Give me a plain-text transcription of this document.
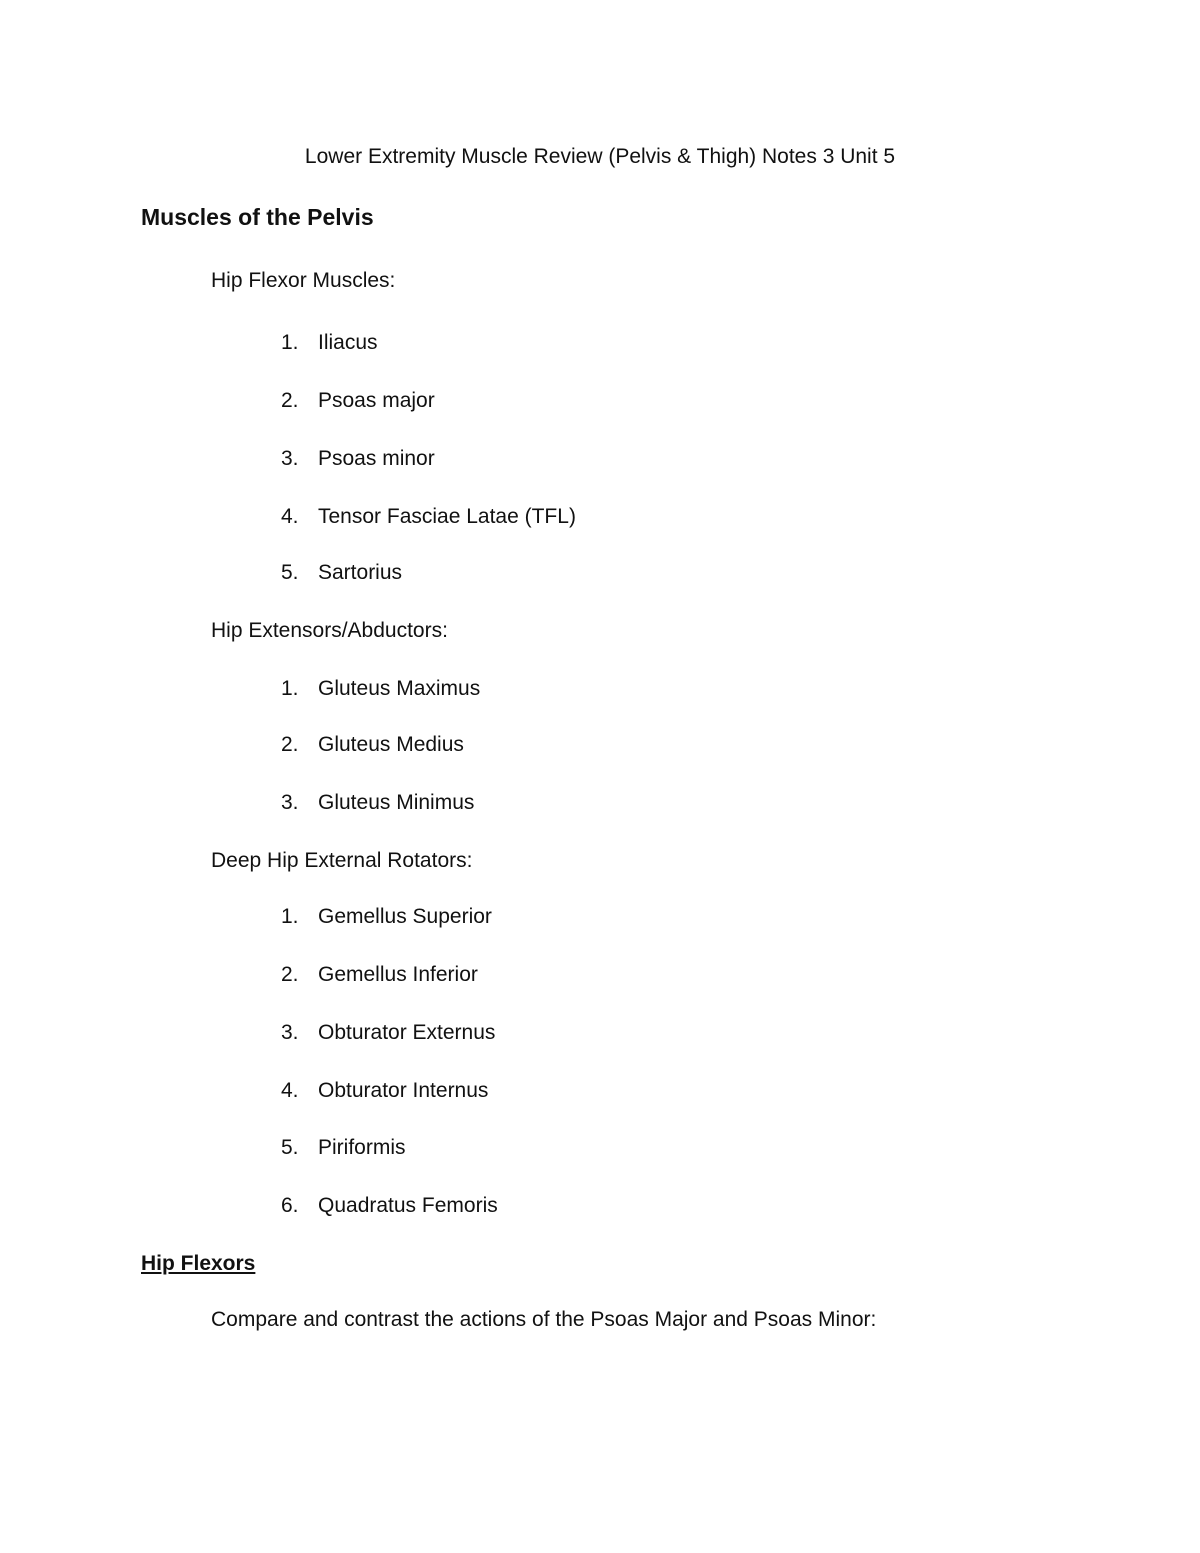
Lower Extremity Muscle Review (Pelvis & Thigh) Notes 3 Unit 5
Muscles of the Pelvis
Hip Flexor Muscles:
1. Iliacus
2. Psoas major
3. Psoas minor
4. Tensor Fasciae Latae (TFL)
5. Sartorius
Hip Extensors/Abductors:
1. Gluteus Maximus
2. Gluteus Medius
3. Gluteus Minimus
Deep Hip External Rotators:
1. Gemellus Superior
2. Gemellus Inferior
3. Obturator Externus
4. Obturator Internus
5. Piriformis
6. Quadratus Femoris
Hip Flexors
Compare and contrast the actions of the Psoas Major and Psoas Minor:
